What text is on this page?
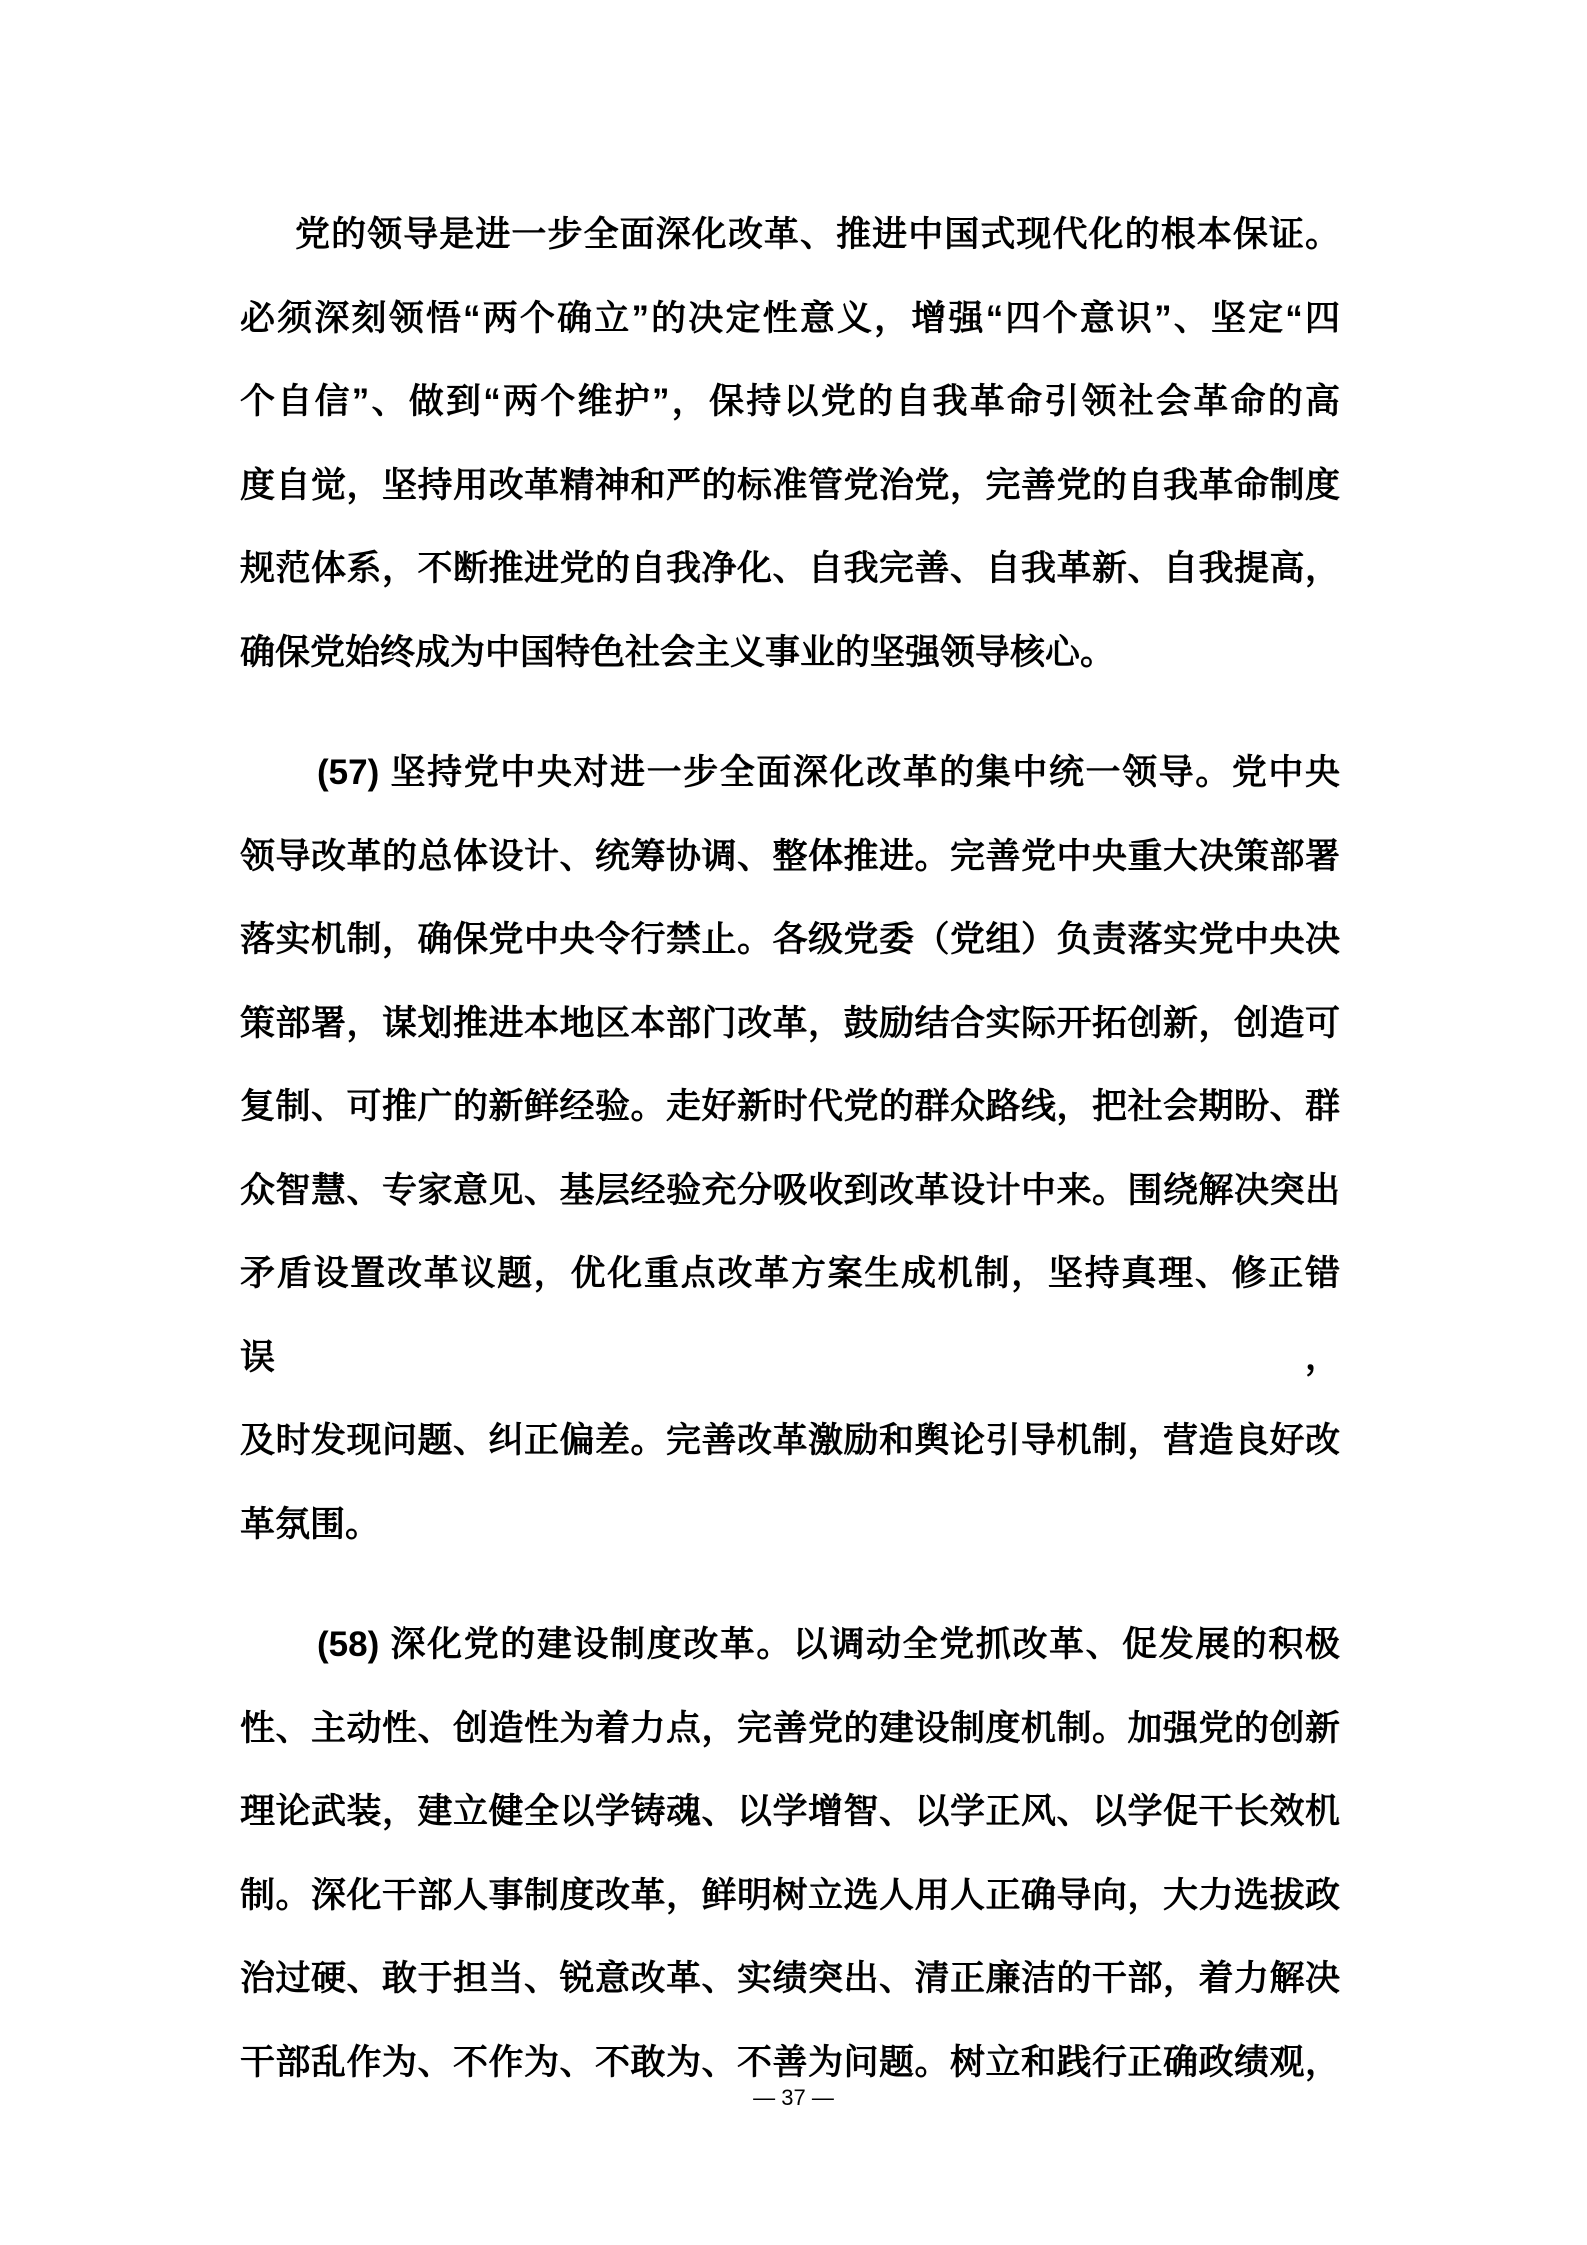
党的领导是进一步全面深化改革、推进中国式现代化的根本保证。
必须深刻领悟“两个确立”的决定性意义，增强“四个意识”、坚定“四
个自信”、做到“两个维护”，保持以党的自我革命引领社会革命的高
度自觉，坚持用改革精神和严的标准管党治党，完善党的自我革命制度
规范体系，不断推进党的自我净化、自我完善、自我革新、自我提高，
确保党始终成为中国特色社会主义事业的坚强领导核心。
(57) 坚持党中央对进一步全面深化改革的集中统一领导。党中央
领导改革的总体设计、统筹协调、整体推进。完善党中央重大决策部署
落实机制，确保党中央令行禁止。各级党委（党组）负责落实党中央决
策部署，谋划推进本地区本部门改革，鼓励结合实际开拓创新，创造可
复制、可推广的新鲜经验。走好新时代党的群众路线，把社会期盼、群
众智慧、专家意见、基层经验充分吸收到改革设计中来。围绕解决突出
矛盾设置改革议题，优化重点改革方案生成机制，坚持真理、修正错误，
及时发现问题、纠正偏差。完善改革激励和舆论引导机制，营造良好改
革氛围。
(58) 深化党的建设制度改革。以调动全党抓改革、促发展的积极
性、主动性、创造性为着力点，完善党的建设制度机制。加强党的创新
理论武装，建立健全以学铸魂、以学增智、以学正风、以学促干长效机
制。深化干部人事制度改革，鲜明树立选人用人正确导向，大力选拔政
治过硬、敢于担当、锐意改革、实绩突出、清正廉洁的干部，着力解决
干部乱作为、不作为、不敢为、不善为问题。树立和践行正确政绩观，
— 37 —
